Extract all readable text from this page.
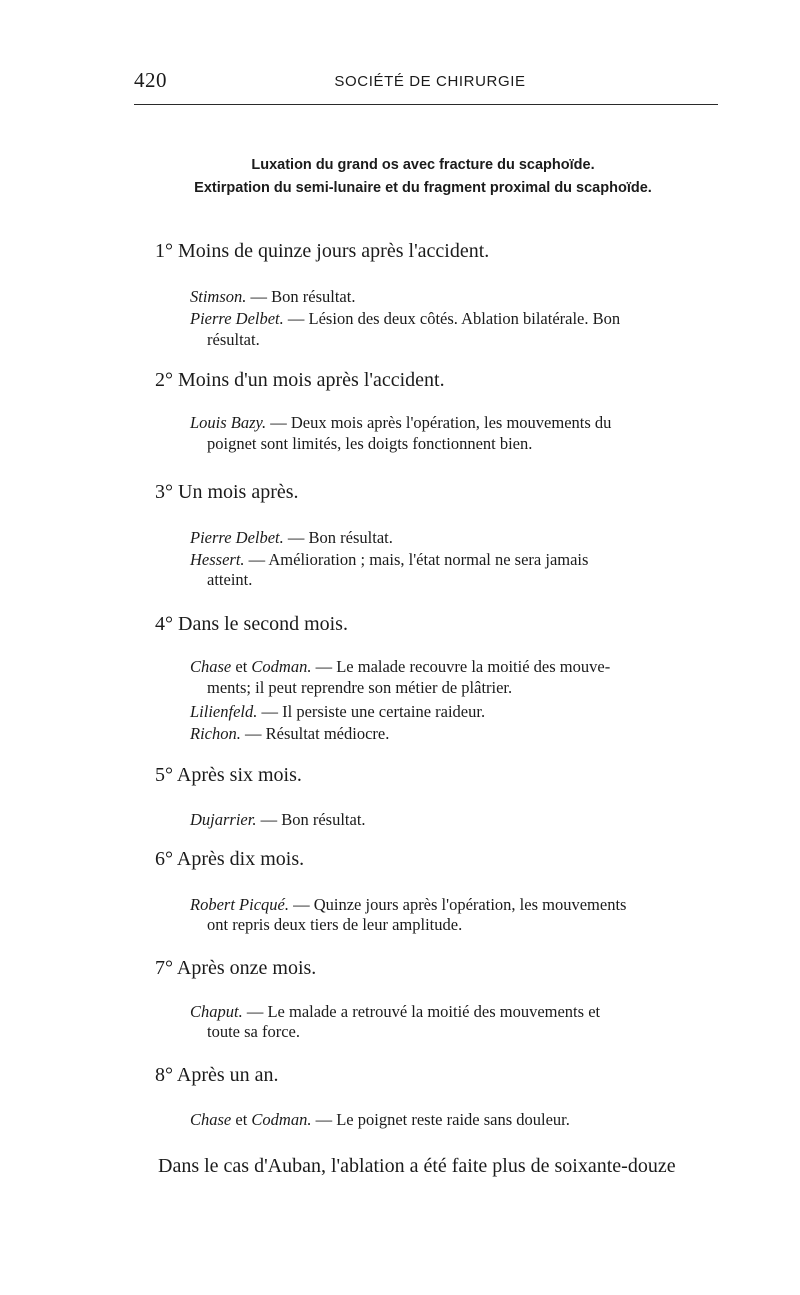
420	SOCIÉTÉ DE CHIRURGIE
Luxation du grand os avec fracture du scaphoïde.
Extirpation du semi-lunaire et du fragment proximal du scaphoïde.
1° Moins de quinze jours après l'accident.
Stimson. — Bon résultat.
Pierre Delbet. — Lésion des deux côtés. Ablation bilatérale. Bon
résultat.
2° Moins d'un mois après l'accident.
Louis Bazy. — Deux mois après l'opération, les mouvements du
poignet sont limités, les doigts fonctionnent bien.
3° Un mois après.
Pierre Delbet. — Bon résultat.
Hessert. — Amélioration ; mais, l'état normal ne sera jamais
atteint.
4° Dans le second mois.
Chase et Codman. — Le malade recouvre la moitié des mouve-
ments; il peut reprendre son métier de plâtrier.
Lilienfeld. — Il persiste une certaine raideur.
Richon. — Résultat médiocre.
5° Après six mois.
Dujarrier. — Bon résultat.
6° Après dix mois.
Robert Picqué. — Quinze jours après l'opération, les mouvements
ont repris deux tiers de leur amplitude.
7° Après onze mois.
Chaput. — Le malade a retrouvé la moitié des mouvements et
toute sa force.
8° Après un an.
Chase et Codman. — Le poignet reste raide sans douleur.
Dans le cas d'Auban, l'ablation a été faite plus de soixante-douze
